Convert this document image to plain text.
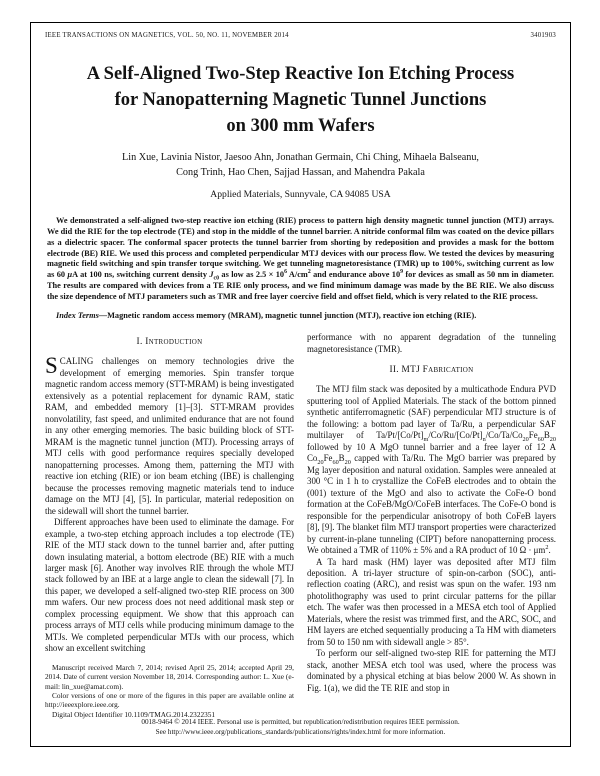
IEEE TRANSACTIONS ON MAGNETICS, VOL. 50, NO. 11, NOVEMBER 2014	3401903
A Self-Aligned Two-Step Reactive Ion Etching Process
for Nanopatterning Magnetic Tunnel Junctions
on 300 mm Wafers
Lin Xue, Lavinia Nistor, Jaesoo Ahn, Jonathan Germain, Chi Ching, Mihaela Balseanu,
Cong Trinh, Hao Chen, Sajjad Hassan, and Mahendra Pakala
Applied Materials, Sunnyvale, CA 94085 USA

We demonstrated a self-aligned two-step reactive ion etching (RIE) process to pattern high density magnetic tunnel junction (MTJ) arrays. We did the RIE for the top electrode (TE) and stop in the middle of the tunnel barrier. A nitride conformal film was coated on the device pillars as a dielectric spacer. The conformal spacer protects the tunnel barrier from shorting by redeposition and provides a mask for the bottom electrode (BE) RIE. We used this process and completed perpendicular MTJ devices with our process flow. We tested the devices by measuring magnetic field switching and spin transfer torque switching. We get tunneling magnetoresistance (TMR) up to 100%, switching current as low as 60 μA at 100 ns, switching current density $J_{c0}$ as low as $2.5 \times 10^6$ $A/cm^2$ and endurance above $10^9$ for devices as small as 50 nm in diameter. The results are compared with devices from a TE RIE only process, and we find minimum damage was made by the BE RIE. We also discuss the size dependence of MTJ parameters such as TMR and free layer coercive field and offset field, which is very related to the RIE process.

Index Terms—Magnetic random access memory (MRAM), magnetic tunnel junction (MTJ), reactive ion etching (RIE).

I. Introduction

SCALING challenges on memory technologies drive the development of emerging memories. Spin transfer torque magnetic random access memory (STT-MRAM) is being investigated extensively as a potential replacement for dynamic RAM, static RAM, and embedded memory [1]–[3]. STT-MRAM provides nonvolatility, fast speed, and unlimited endurance that are not found in any other emerging memories. The basic building block of STT-MRAM is the magnetic tunnel junction (MTJ). Processing arrays of MTJ cells with good performance requires specially developed nanopatterning processes. Among them, patterning the MTJ with reactive ion etching (RIE) or ion beam etching (IBE) is challenging because the processes removing magnetic materials tend to induce damage on the MTJ [4], [5]. In particular, material redeposition on the sidewall will short the tunnel barrier.

Different approaches have been used to eliminate the damage. For example, a two-step etching approach includes a top electrode (TE) RIE of the MTJ stack down to the tunnel barrier and, after putting down insulating material, a bottom electrode (BE) RIE with a much larger mask [6]. Another way involves RIE through the whole MTJ stack followed by an IBE at a large angle to clean the sidewall [7]. In this paper, we developed a self-aligned two-step RIE process on 300 mm wafers. Our new process does not need additional mask step or complex processing equipment. We show that this approach can process arrays of MTJ cells while producing minimum damage to the MTJs. We completed perpendicular MTJs with our process, which show an excellent switching

Manuscript received March 7, 2014; revised April 25, 2014; accepted April 29, 2014. Date of current version November 18, 2014. Corresponding author: L. Xue (e-mail: lin_xue@amat.com).

Color versions of one or more of the figures in this paper are available online at http://ieeexplore.ieee.org.

Digital Object Identifier 10.1109/TMAG.2014.2322351

performance with no apparent degradation of the tunneling magnetoresistance (TMR).

II. MTJ Fabrication

The MTJ film stack was deposited by a multicathode Endura PVD sputtering tool of Applied Materials. The stack of the bottom pinned synthetic antiferromagnetic (SAF) perpendicular MTJ structure is of the following: a bottom pad layer of Ta/Ru, a perpendicular SAF multilayer of $Ta/Pt/[Co/Pt]_m/Co/Ru/[Co/Pt]_n/Co/Ta/Co_{20}Fe_{60}B_{20}$ followed by 10 A MgO tunnel barrier and a free layer of 12 A $Co_{20}Fe_{60}B_{20}$ capped with Ta/Ru. The MgO barrier was prepared by Mg layer deposition and natural oxidation. Samples were annealed at 300 °C in 1 h to crystallize the CoFeB electrodes and to obtain the (001) texture of the MgO and also to activate the CoFe-O bond formation at the CoFeB/MgO/CoFeB interfaces. The CoFe-O bond is responsible for the perpendicular anisotropy of both CoFeB layers [8], [9]. The blanket film MTJ transport properties were characterized by current-in-plane tunneling (CIPT) before nanopatterning process. We obtained a TMR of 110% ± 5% and a RA product of 10 $\Omega \cdot \mu m^2$.

A Ta hard mask (HM) layer was deposited after MTJ film deposition. A tri-layer structure of spin-on-carbon (SOC), anti-reflection coating (ARC), and resist was spun on the wafer. 193 nm photolithography was used to print circular patterns for the pillar etch. The wafer was then processed in a MESA etch tool of Applied Materials, where the resist was trimmed first, and the ARC, SOC, and HM layers are etched sequentially producing a Ta HM with diameters from 50 to 150 nm with sidewall angle > 85°.

To perform our self-aligned two-step RIE for patterning the MTJ stack, another MESA etch tool was used, where the process was dominated by a physical etching at bias below 2000 W. As shown in Fig. 1(a), we did the TE RIE and stop in

0018-9464 © 2014 IEEE. Personal use is permitted, but republication/redistribution requires IEEE permission.
See http://www.ieee.org/publications_standards/publications/rights/index.html for more information.
